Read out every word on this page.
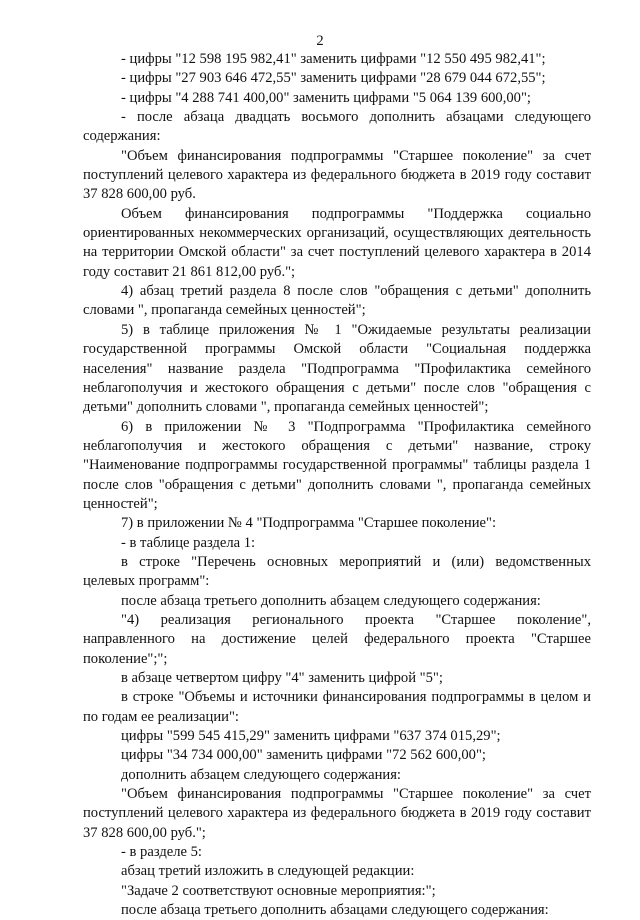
2

- цифры "12 598 195 982,41" заменить цифрами "12 550 495 982,41";

- цифры "27 903 646 472,55" заменить цифрами "28 679 044 672,55";

- цифры "4 288 741 400,00" заменить цифрами "5 064 139 600,00";

- после абзаца двадцать восьмого дополнить абзацами следующего содержания:

"Объем финансирования подпрограммы "Старшее поколение" за счет поступлений целевого характера из федерального бюджета в 2019 году составит 37 828 600,00 руб.

Объем финансирования подпрограммы "Поддержка социально ориентированных некоммерческих организаций, осуществляющих деятельность на территории Омской области" за счет поступлений целевого характера в 2014 году составит 21 861 812,00 руб.";

4) абзац третий раздела 8 после слов "обращения с детьми" дополнить словами ", пропаганда семейных ценностей";

5) в таблице приложения № 1 "Ожидаемые результаты реализации государственной программы Омской области "Социальная поддержка населения" название раздела "Подпрограмма "Профилактика семейного неблагополучия и жестокого обращения с детьми" после слов "обращения с детьми" дополнить словами ", пропаганда семейных ценностей";

6) в приложении № 3 "Подпрограмма "Профилактика семейного неблагополучия и жестокого обращения с детьми" название, строку "Наименование подпрограммы государственной программы" таблицы раздела 1 после слов "обращения с детьми" дополнить словами ", пропаганда семейных ценностей";

7) в приложении № 4 "Подпрограмма "Старшее поколение":

- в таблице раздела 1:

в строке "Перечень основных мероприятий и (или) ведомственных целевых программ":

после абзаца третьего дополнить абзацем следующего содержания:

"4) реализация регионального проекта "Старшее поколение", направленного на достижение целей федерального проекта "Старшее поколение";";

в абзаце четвертом цифру "4" заменить цифрой "5";

в строке "Объемы и источники финансирования подпрограммы в целом и по годам ее реализации":

цифры "599 545 415,29" заменить цифрами "637 374 015,29";

цифры "34 734 000,00" заменить цифрами "72 562 600,00";

дополнить абзацем следующего содержания:

"Объем финансирования подпрограммы "Старшее поколение" за счет поступлений целевого характера из федерального бюджета в 2019 году составит 37 828 600,00 руб.";

- в разделе 5:

абзац третий изложить в следующей редакции:

"Задаче 2 соответствуют основные мероприятия:";

после абзаца третьего дополнить абзацами следующего содержания:
